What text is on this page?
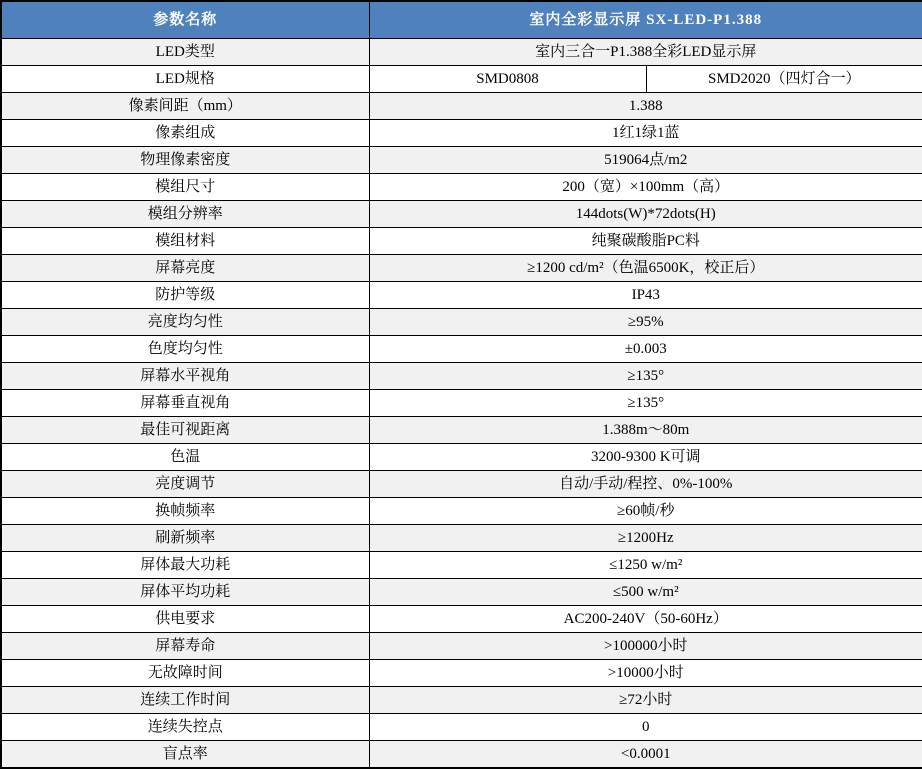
参数名称	室内全彩显示屏 SX-LED-P1.388	
LED类型	室内三合一P1.388全彩LED显示屏	
LED规格	SMD0808	SMD2020（四灯合一）
像素间距（mm）	1.388	
像素组成	1红1绿1蓝	
物理像素密度	519064点/m2	
模组尺寸	200（宽）×100mm（高）	
模组分辨率	144dots(W)*72dots(H)	
模组材料	纯聚碳酸脂PC料	
屏幕亮度	≥1200 cd/m²（色温6500K，校正后）	
防护等级	IP43	
亮度均匀性	≥95%	
色度均匀性	±0.003	
屏幕水平视角	≥135°	
屏幕垂直视角	≥135°	
最佳可视距离	1.388m～80m	
色温	3200-9300 K可调	
亮度调节	自动/手动/程控、0%-100%	
换帧频率	≥60帧/秒	
刷新频率	≥1200Hz	
屏体最大功耗	≤1250 w/m²	
屏体平均功耗	≤500 w/m²	
供电要求	AC200-240V（50-60Hz）	
屏幕寿命	>100000小时	
无故障时间	>10000小时	
连续工作时间	≥72小时	
连续失控点	0	
盲点率	<0.0001	
